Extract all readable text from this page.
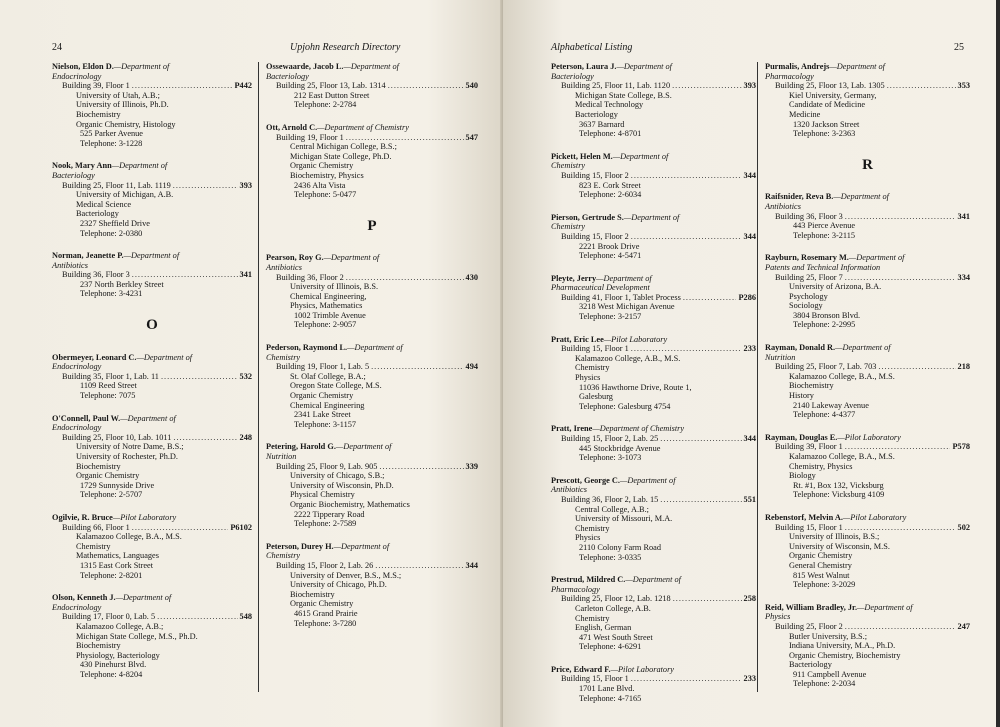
24	Upjohn Research Directory
Nielson, Eldon D.—Department of
Endocrinology
Building 39, Floor 1 .....	P442
University of Utah, A.B.;
University of Illinois, Ph.D.
Biochemistry
Organic Chemistry, Histology
525 Parker Avenue
Telephone: 3-1228
Nook, Mary Ann—Department of
Bacteriology
Building 25, Floor 11, Lab. 1119 .....	393
University of Michigan, A.B.
Medical Science
Bacteriology
2327 Sheffield Drive
Telephone: 2-0380
Norman, Jeanette P.—Department of
Antibiotics
Building 36, Floor 3 .....	341
237 North Berkley Street
Telephone: 3-4231
O
Obermeyer, Leonard C.—Department of
Endocrinology
Building 35, Floor 1, Lab. 11 .....	532
1109 Reed Street
Telephone: 7075
O'Connell, Paul W.—Department of
Endocrinology
Building 25, Floor 10, Lab. 1011 .....	248
University of Notre Dame, B.S.;
University of Rochester, Ph.D.
Biochemistry
Organic Chemistry
1729 Sunnyside Drive
Telephone: 2-5707
Ogilvie, R. Bruce—Pilot Laboratory
Building 66, Floor 1 .....	P6102
Kalamazoo College, B.A., M.S.
Chemistry
Mathematics, Languages
1315 East Cork Street
Telephone: 2-8201
Olson, Kenneth J.—Department of
Endocrinology
Building 17, Floor 0, Lab. 5 .....	548
Kalamazoo College, A.B.;
Michigan State College, M.S., Ph.D.
Biochemistry
Physiology, Bacteriology
430 Pinehurst Blvd.
Telephone: 4-8204
Ossewaarde, Jacob L.—Department of
Bacteriology
Building 25, Floor 13, Lab. 1314 .....	540
212 East Dutton Street
Telephone: 2-2784
Ott, Arnold C.—Department of Chemistry
Building 19, Floor 1 .....	547
Central Michigan College, B.S.;
Michigan State College, Ph.D.
Organic Chemistry
Biochemistry, Physics
2436 Alta Vista
Telephone: 5-0477
P
Pearson, Roy G.—Department of
Antibiotics
Building 36, Floor 2 .....	430
University of Illinois, B.S.
Chemical Engineering,
Physics, Mathematics
1002 Trimble Avenue
Telephone: 2-9057
Pederson, Raymond L.—Department of
Chemistry
Building 19, Floor 1, Lab. 5 .....	494
St. Olaf College, B.A.;
Oregon State College, M.S.
Organic Chemistry
Chemical Engineering
2341 Lake Street
Telephone: 3-1157
Petering, Harold G.—Department of
Nutrition
Building 25, Floor 9, Lab. 905 .....	339
University of Chicago, S.B.;
University of Wisconsin, Ph.D.
Physical Chemistry
Organic Biochemistry, Mathematics
2222 Tipperary Road
Telephone: 2-7589
Peterson, Durey H.—Department of
Chemistry
Building 15, Floor 2, Lab. 26 .....	344
University of Denver, B.S., M.S.;
University of Chicago, Ph.D.
Biochemistry
Organic Chemistry
4615 Grand Prairie
Telephone: 3-7280
Alphabetical Listing	25
Peterson, Laura J.—Department of
Bacteriology
Building 25, Floor 11, Lab. 1120 .....	393
Michigan State College, B.S.
Medical Technology
Bacteriology
3637 Barnard
Telephone: 4-8701
Pickett, Helen M.—Department of
Chemistry
Building 15, Floor 2 .....	344
823 E. Cork Street
Telephone: 2-6034
Pierson, Gertrude S.—Department of
Chemistry
Building 15, Floor 2 .....	344
2221 Brook Drive
Telephone: 4-5471
Pleyte, Jerry—Department of
Pharmaceutical Development
Building 41, Floor 1, Tablet Process .....	P286
3218 West Michigan Avenue
Telephone: 3-2157
Pratt, Eric Lee—Pilot Laboratory
Building 15, Floor 1 .....	233
Kalamazoo College, A.B., M.S.
Chemistry
Physics
11036 Hawthorne Drive, Route 1,
Galesburg
Telephone: Galesburg 4754
Pratt, Irene—Department of Chemistry
Building 15, Floor 2, Lab. 25 .....	344
445 Stockbridge Avenue
Telephone: 3-1073
Prescott, George C.—Department of
Antibiotics
Building 36, Floor 2, Lab. 15 .....	551
Central College, A.B.;
University of Missouri, M.A.
Chemistry
Physics
2110 Colony Farm Road
Telephone: 3-0335
Prestrud, Mildred C.—Department of
Pharmacology
Building 25, Floor 12, Lab. 1218 .....	258
Carleton College, A.B.
Chemistry
English, German
471 West South Street
Telephone: 4-6291
Price, Edward F.—Pilot Laboratory
Building 15, Floor 1 .....	233
1701 Lane Blvd.
Telephone: 4-7165
Purmalis, Andrejs—Department of
Pharmacology
Building 25, Floor 13, Lab. 1305 .....	353
Kiel University, Germany,
Candidate of Medicine
Medicine
1320 Jackson Street
Telephone: 3-2363
R
Raifsnider, Reva B.—Department of
Antibiotics
Building 36, Floor 3 .....	341
443 Pierce Avenue
Telephone: 3-2115
Rayburn, Rosemary M.—Department of
Patents and Technical Information
Building 25, Floor 7 .....	334
University of Arizona, B.A.
Psychology
Sociology
3804 Bronson Blvd.
Telephone: 2-2995
Rayman, Donald R.—Department of
Nutrition
Building 25, Floor 7, Lab. 703 .....	218
Kalamazoo College, B.A., M.S.
Biochemistry
History
2140 Lakeway Avenue
Telephone: 4-4377
Rayman, Douglas E.—Pilot Laboratory
Building 39, Floor 1 .....	P578
Kalamazoo College, B.A., M.S.
Chemistry, Physics
Biology
Rt. #1, Box 132, Vicksburg
Telephone: Vicksburg 4109
Rebenstorf, Melvin A.—Pilot Laboratory
Building 15, Floor 1 .....	502
University of Illinois, B.S.;
University of Wisconsin, M.S.
Organic Chemistry
General Chemistry
815 West Walnut
Telephone: 3-2029
Reid, William Bradley, Jr.—Department of
Physics
Building 25, Floor 2 .....	247
Butler University, B.S.;
Indiana University, M.A., Ph.D.
Organic Chemistry, Biochemistry
Bacteriology
911 Campbell Avenue
Telephone: 2-2034
